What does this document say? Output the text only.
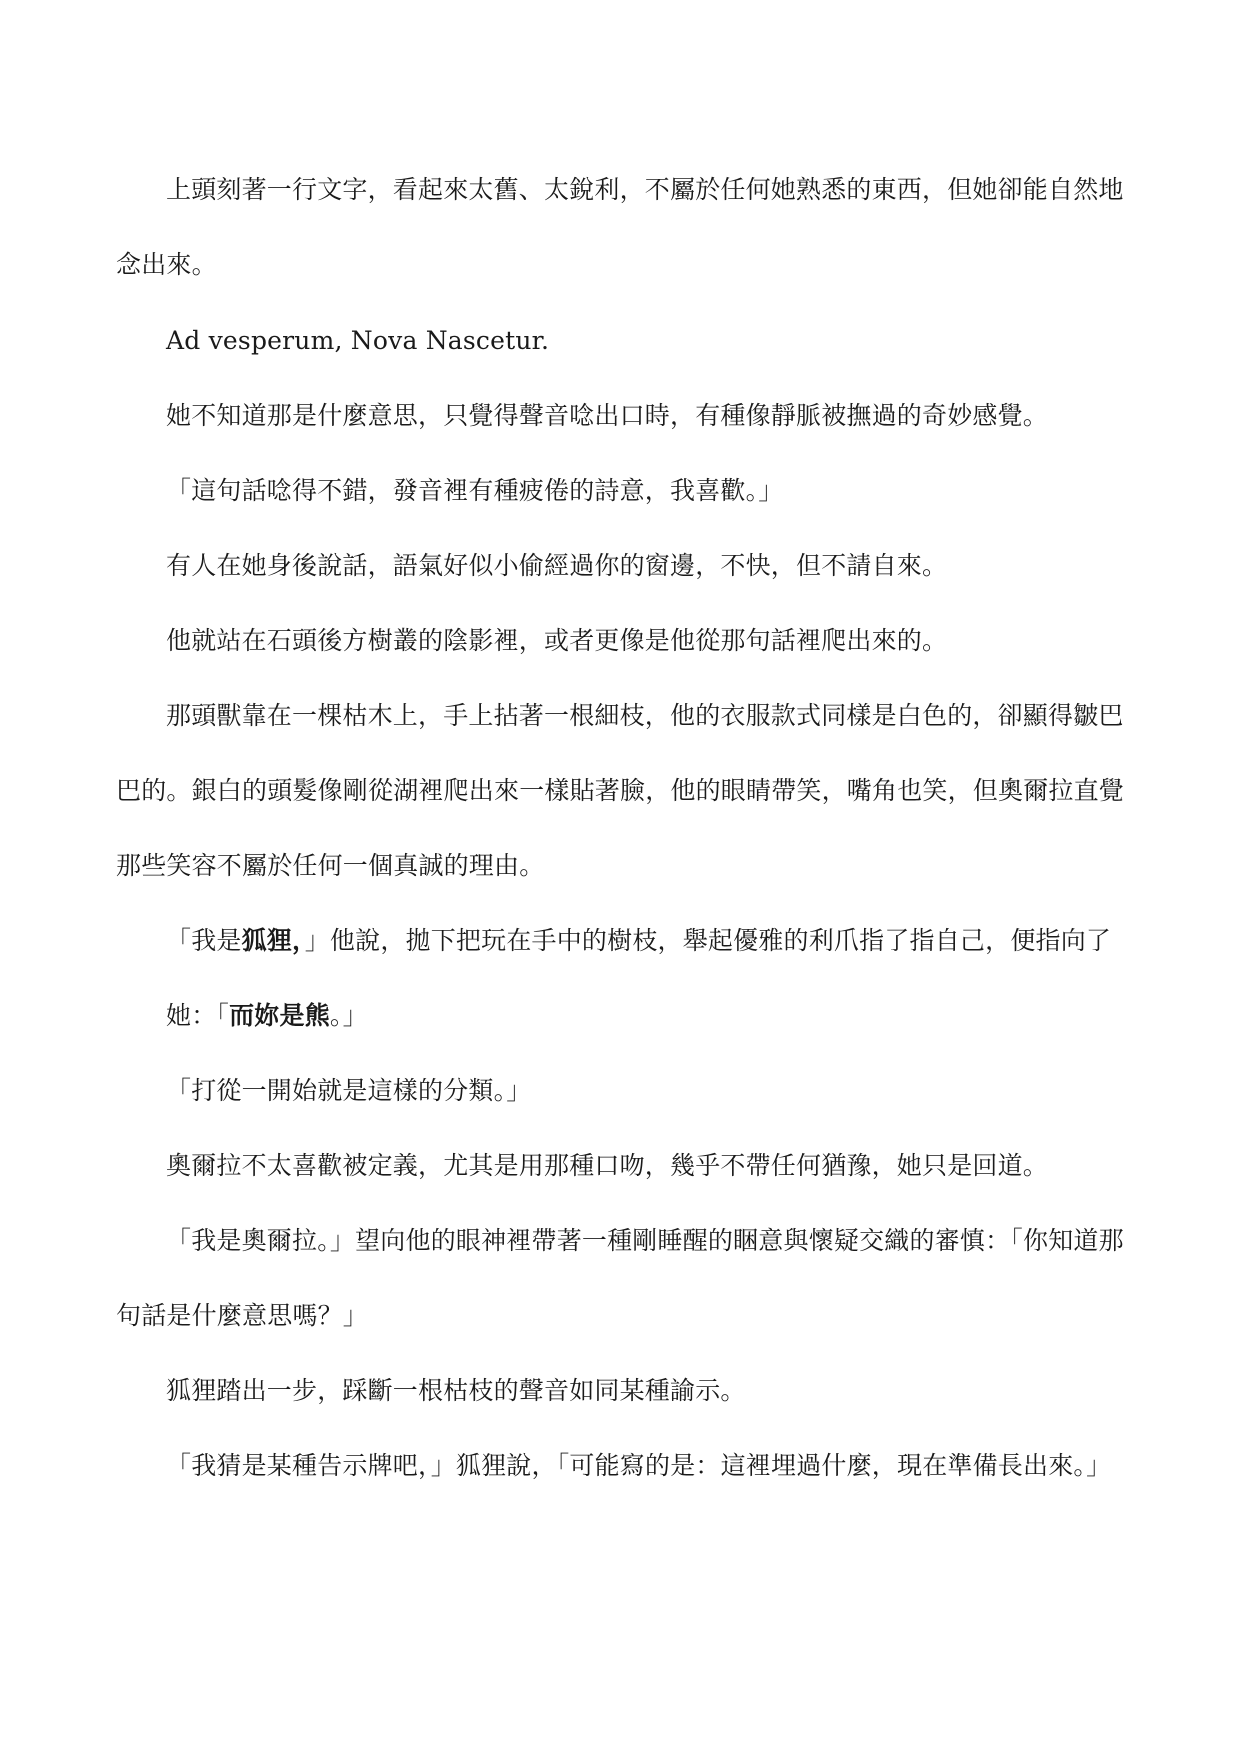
上頭刻著一行文字，看起來太舊、太銳利，不屬於任何她熟悉的東西，但她卻能自然地念出來。

Ad vesperum, Nova Nascetur.

她不知道那是什麼意思，只覺得聲音唸出口時，有種像靜脈被撫過的奇妙感覺。

「這句話唸得不錯，發音裡有種疲倦的詩意，我喜歡。」

有人在她身後說話，語氣好似小偷經過你的窗邊，不快，但不請自來。

他就站在石頭後方樹叢的陰影裡，或者更像是他從那句話裡爬出來的。

那頭獸靠在一棵枯木上，手上拈著一根細枝，他的衣服款式同樣是白色的，卻顯得皺巴巴的。銀白的頭髮像剛從湖裡爬出來一樣貼著臉，他的眼睛帶笑，嘴角也笑，但奧爾拉直覺那些笑容不屬於任何一個真誠的理由。

「我是狐狸，」他說，拋下把玩在手中的樹枝，舉起優雅的利爪指了指自己，便指向了

她：「而妳是熊。」

「打從一開始就是這樣的分類。」

奧爾拉不太喜歡被定義，尤其是用那種口吻，幾乎不帶任何猶豫，她只是回道。

「我是奧爾拉。」望向他的眼神裡帶著一種剛睡醒的睏意與懷疑交織的審慎：「你知道那句話是什麼意思嗎？」

狐狸踏出一步，踩斷一根枯枝的聲音如同某種諭示。

「我猜是某種告示牌吧，」狐狸說，「可能寫的是：這裡埋過什麼，現在準備長出來。」
